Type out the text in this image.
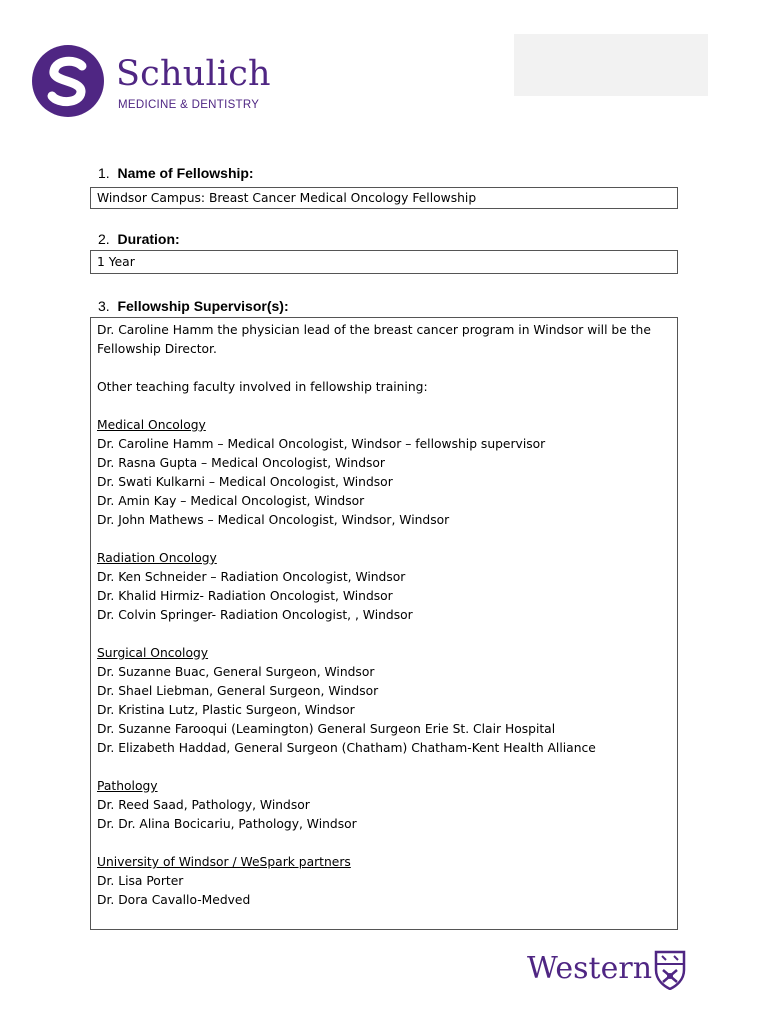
Schulich
MEDICINE & DENTISTRY
1. Name of Fellowship:
Windsor Campus: Breast Cancer Medical Oncology Fellowship
2. Duration:
1 Year
3. Fellowship Supervisor(s):
Dr. Caroline Hamm the physician lead of the breast cancer program in Windsor will be the
Fellowship Director.
Other teaching faculty involved in fellowship training:
Medical Oncology
Dr. Caroline Hamm – Medical Oncologist, Windsor – fellowship supervisor
Dr. Rasna Gupta – Medical Oncologist, Windsor
Dr. Swati Kulkarni – Medical Oncologist, Windsor
Dr. Amin Kay – Medical Oncologist, Windsor
Dr. John Mathews – Medical Oncologist, Windsor, Windsor
Radiation Oncology
Dr. Ken Schneider – Radiation Oncologist, Windsor
Dr. Khalid Hirmiz- Radiation Oncologist, Windsor
Dr. Colvin Springer- Radiation Oncologist, , Windsor
Surgical Oncology
Dr. Suzanne Buac, General Surgeon, Windsor
Dr. Shael Liebman, General Surgeon, Windsor
Dr. Kristina Lutz, Plastic Surgeon, Windsor
Dr. Suzanne Farooqui (Leamington) General Surgeon Erie St. Clair Hospital
Dr. Elizabeth Haddad, General Surgeon (Chatham) Chatham-Kent Health Alliance
Pathology
Dr. Reed Saad, Pathology, Windsor
Dr. Dr. Alina Bocicariu, Pathology, Windsor
University of Windsor / WeSpark partners
Dr. Lisa Porter
Dr. Dora Cavallo-Medved
Western
